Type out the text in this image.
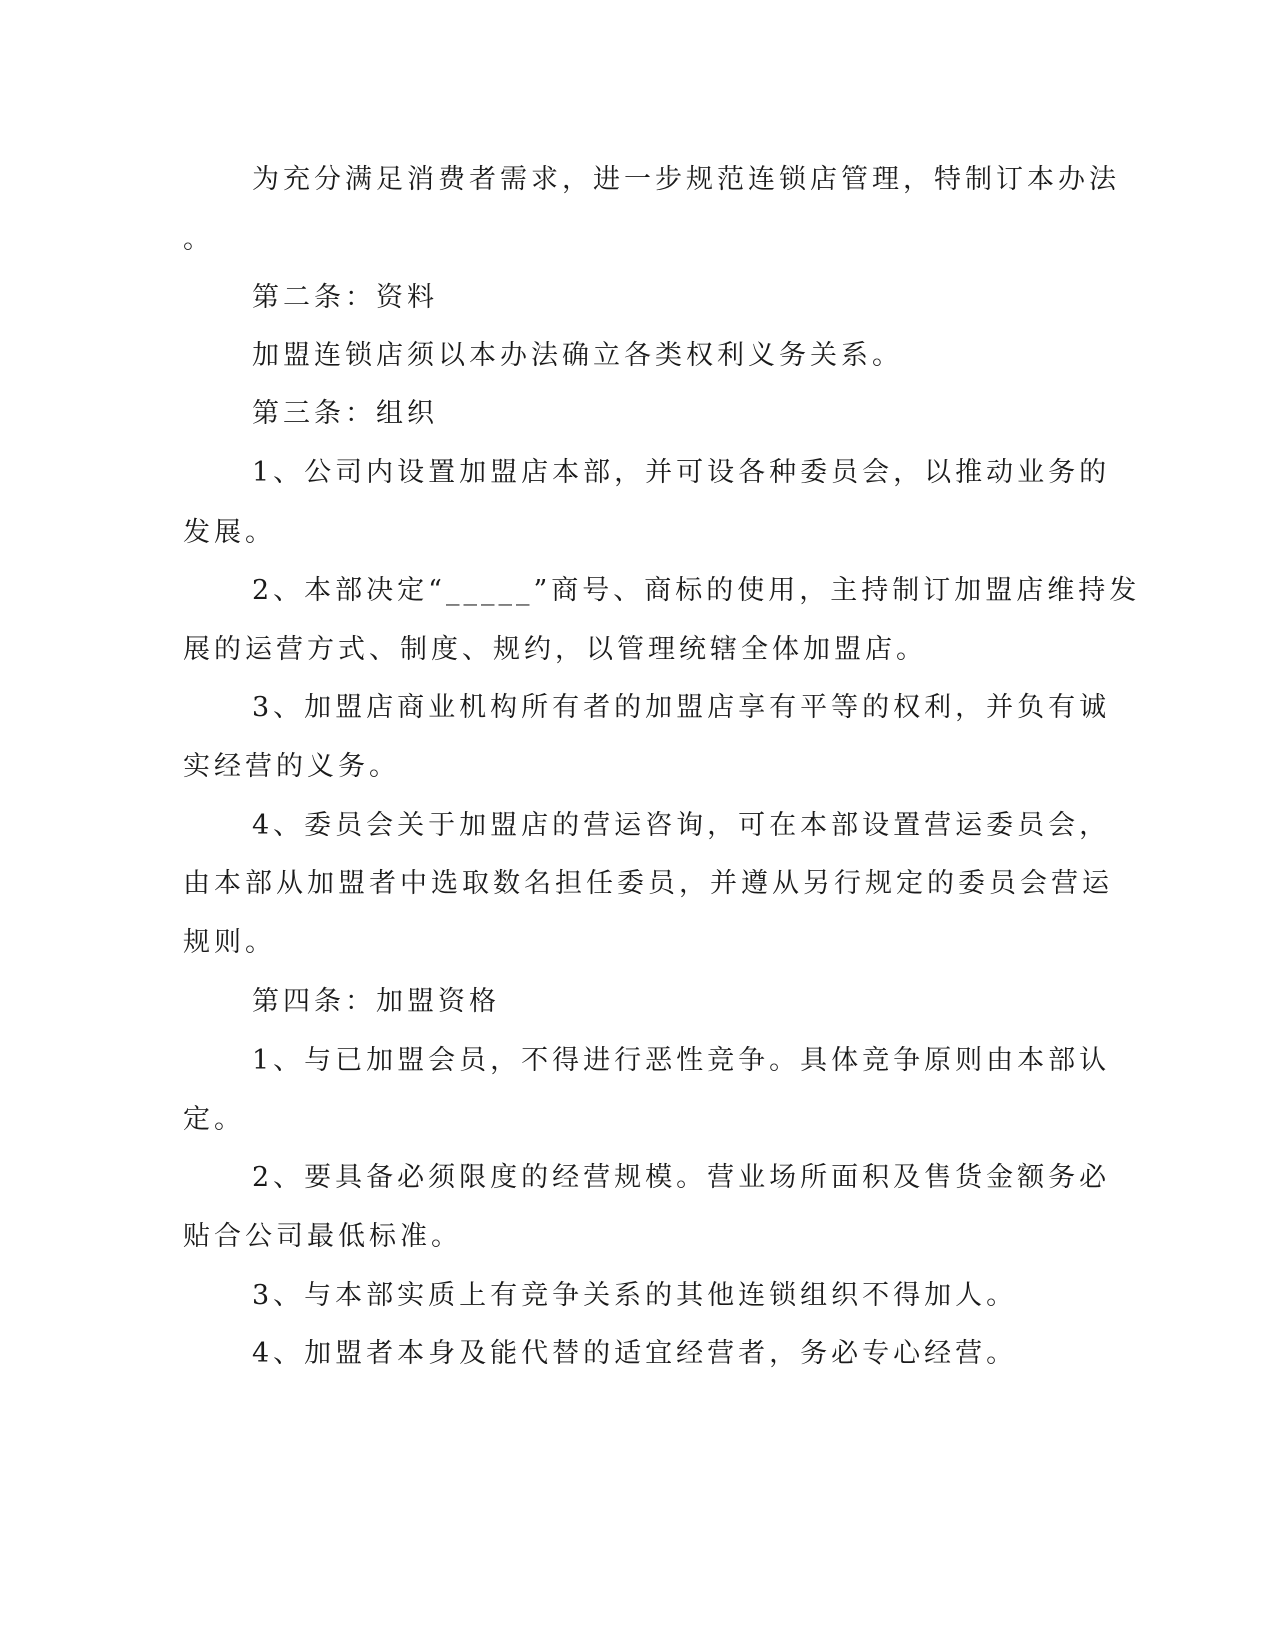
为充分满足消费者需求，进一步规范连锁店管理，特制订本办法
。
第二条：资料
加盟连锁店须以本办法确立各类权利义务关系。
第三条：组织
1、公司内设置加盟店本部，并可设各种委员会，以推动业务的
发展。
2、本部决定“_____”商号、商标的使用，主持制订加盟店维持发
展的运营方式、制度、规约，以管理统辖全体加盟店。
3、加盟店商业机构所有者的加盟店享有平等的权利，并负有诚
实经营的义务。
4、委员会关于加盟店的营运咨询，可在本部设置营运委员会，
由本部从加盟者中选取数名担任委员，并遵从另行规定的委员会营运
规则。
第四条：加盟资格
1、与已加盟会员，不得进行恶性竞争。具体竞争原则由本部认
定。
2、要具备必须限度的经营规模。营业场所面积及售货金额务必
贴合公司最低标准。
3、与本部实质上有竞争关系的其他连锁组织不得加人。
4、加盟者本身及能代替的适宜经营者，务必专心经营。
